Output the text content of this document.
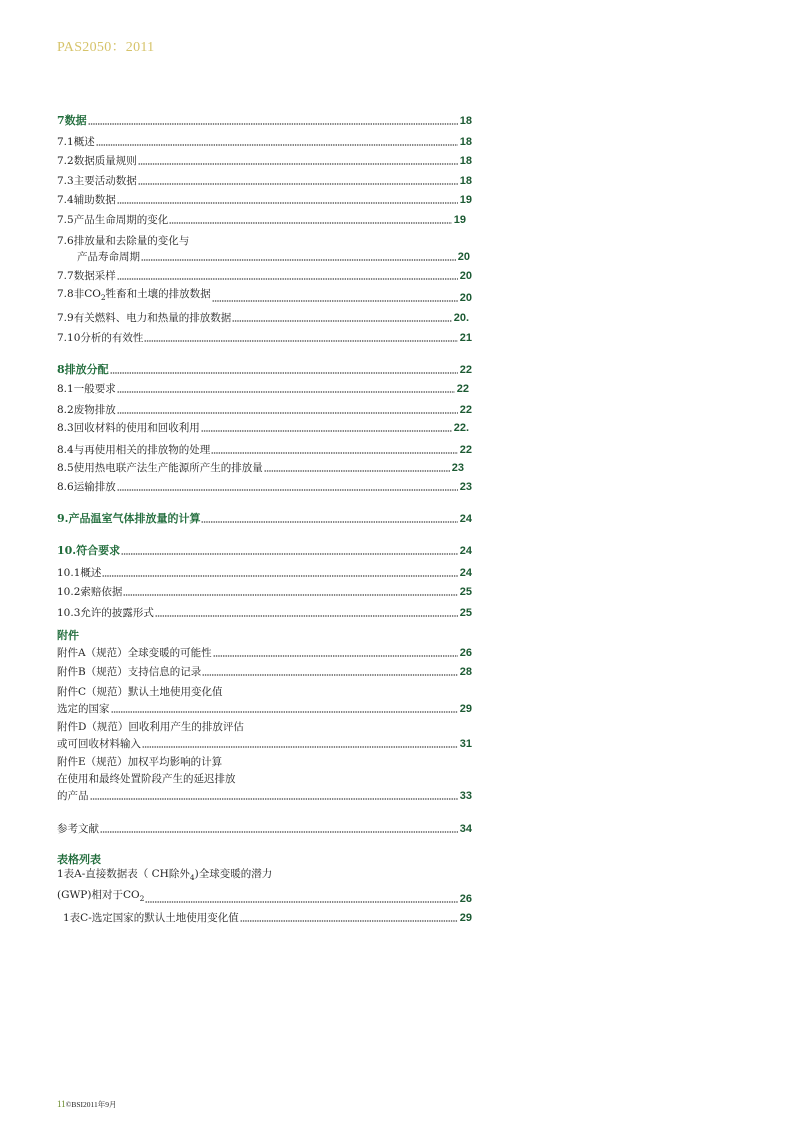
PAS2050：2011
7数据	18
7.1概述	18
7.2数据质量规则	18
7.3主要活动数据	18
7.4辅助数据	19
7.5产品生命周期的变化	19
7.6排放量和去除量的变化与
产品寿命周期	20
7.7数据采样	20
7.8非$CO_2$牲畜和土壤的排放数据	20
7.9有关燃料、电力和热量的排放数据	20.
7.10分析的有效性	21
8排放分配	22
8.1一般要求	22
8.2废物排放	22
8.3回收材料的使用和回收利用	22.
8.4与再使用相关的排放物的处理	22
8.5使用热电联产法生产能源所产生的排放量	23
8.6运输排放	23
9.产品温室气体排放量的计算	24
10.符合要求	24
10.1概述	24
10.2索赔依据	25
10.3允许的披露形式	25
附件
附件A（规范）全球变暖的可能性	26
附件B（规范）支持信息的记录	28
附件C（规范）默认土地使用变化值
选定的国家	29
附件D（规范）回收利用产生的排放评估
或可回收材料输入	31
附件E（规范）加权平均影响的计算
在使用和最终处置阶段产生的延迟排放
的产品	33
参考文献	34
表格列表
1表A-直接数据表（ CH除外$_4$)全球变暖的潜力
(GWP)相对于$CO_2$	26
1表C-选定国家的默认土地使用变化值	29
11©BSI2011年9月
